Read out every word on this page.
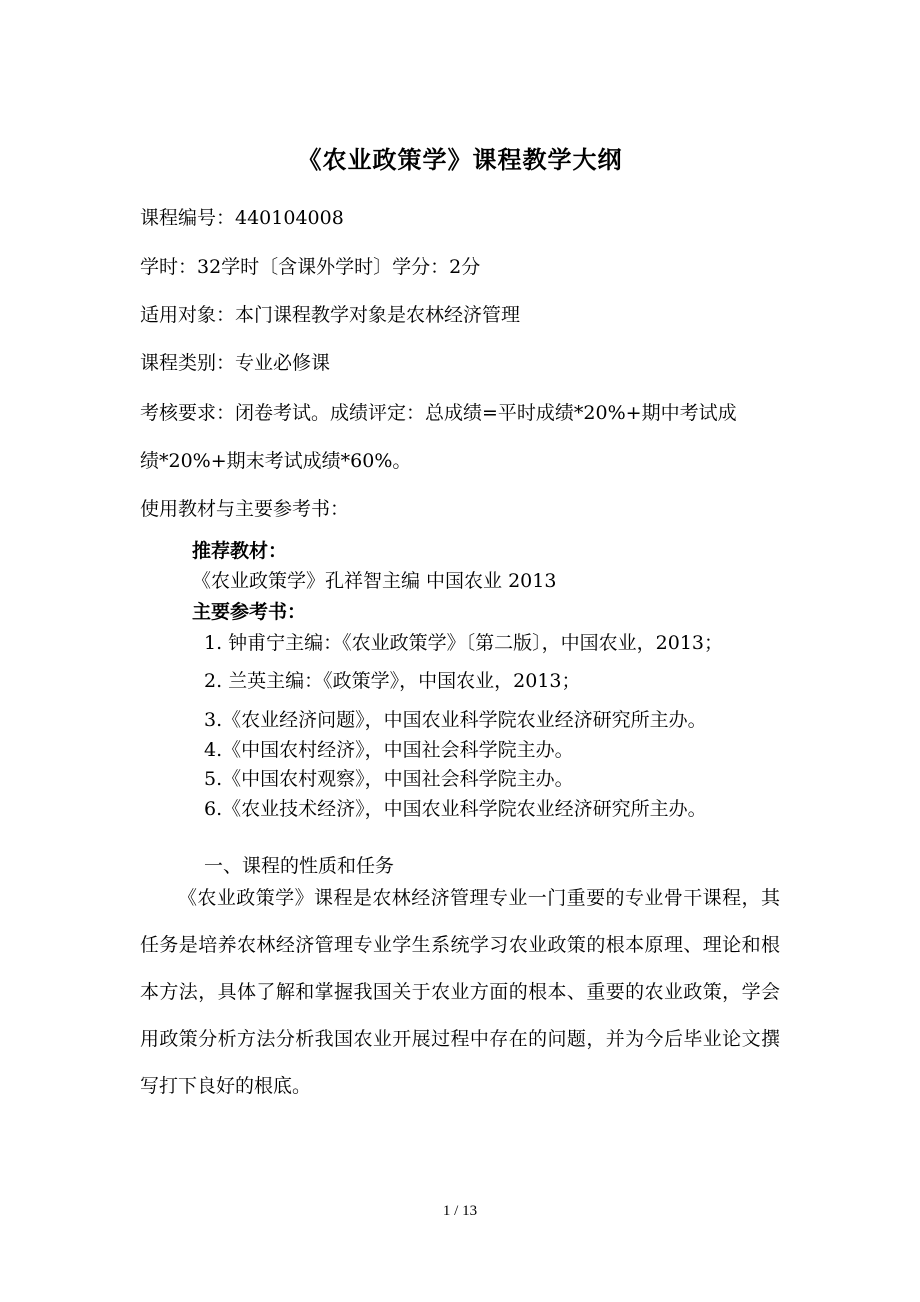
《农业政策学》课程教学大纲
课程编号：440104008
学时：32学时〔含课外学时〕学分：2分
适用对象：本门课程教学对象是农林经济管理
课程类别：专业必修课
考核要求：闭卷考试。成绩评定：总成绩=平时成绩*20%+期中考试成
绩*20%+期末考试成绩*60%。
使用教材与主要参考书：
推荐教材：
《农业政策学》孔祥智主编 中国农业 2013
主要参考书：
1. 钟甫宁主编：《农业政策学》〔第二版〕，中国农业，2013；
2. 兰英主编：《政策学》，中国农业，2013；
3.《农业经济问题》，中国农业科学院农业经济研究所主办。
4.《中国农村经济》，中国社会科学院主办。
5.《中国农村观察》，中国社会科学院主办。
6.《农业技术经济》，中国农业科学院农业经济研究所主办。
一、课程的性质和任务
《农业政策学》课程是农林经济管理专业一门重要的专业骨干课程，其任务是培养农林经济管理专业学生系统学习农业政策的根本原理、理论和根本方法，具体了解和掌握我国关于农业方面的根本、重要的农业政策，学会用政策分析方法分析我国农业开展过程中存在的问题，并为今后毕业论文撰写打下良好的根底。
1 / 13
